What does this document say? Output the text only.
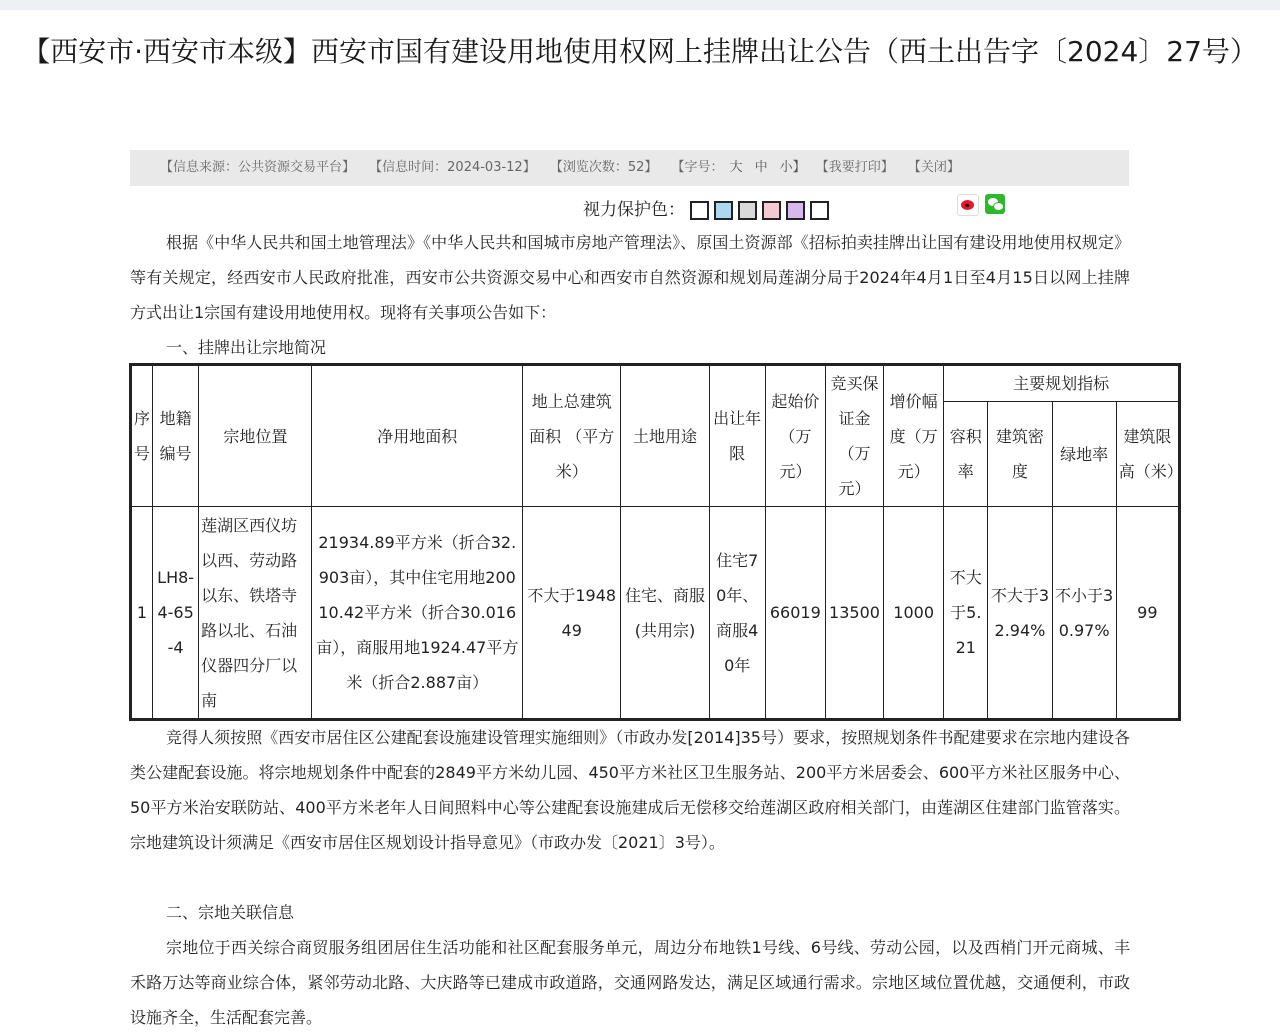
【西安市·西安市本级】西安市国有建设用地使用权网上挂牌出让公告（西土出告字〔2024〕27号）
【信息来源：公共资源交易平台】 【信息时间：2024-03-12】 【浏览次数：52】 【字号： 大 中 小】 【我要打印】 【关闭】
视力保护色：
根据《中华人民共和国土地管理法》《中华人民共和国城市房地产管理法》、原国土资源部《招标拍卖挂牌出让国有建设用地使用权规定》等有关规定，经西安市人民政府批准，西安市公共资源交易中心和西安市自然资源和规划局莲湖分局于2024年4月1日至4月15日以网上挂牌方式出让1宗国有建设用地使用权。现将有关事项公告如下：
一、挂牌出让宗地简况
序号	地籍编号	宗地位置	净用地面积	地上总建筑面积 （平方米）	土地用途	出让年限	起始价（万元）	竞买保证金（万元）	增价幅度（万元）	主要规划指标			
										容积率	建筑密度	绿地率	建筑限高（米）
1	LH8-4-65-4	莲湖区西仪坊以西、劳动路以东、铁塔寺路以北、石油仪器四分厂以南	21934.89平方米（折合32.903亩），其中住宅用地20010.42平方米（折合30.016亩），商服用地1924.47平方米（折合2.887亩）	不大于194849	住宅、商服(共用宗)	住宅70年、商服40年	66019	13500	1000	不大于5.21	不大于32.94%	不小于30.97%	99
竞得人须按照《西安市居住区公建配套设施建设管理实施细则》（市政办发[2014]35号）要求，按照规划条件书配建要求在宗地内建设各类公建配套设施。将宗地规划条件中配套的2849平方米幼儿园、450平方米社区卫生服务站、200平方米居委会、600平方米社区服务中心、50平方米治安联防站、400平方米老年人日间照料中心等公建配套设施建成后无偿移交给莲湖区政府相关部门，由莲湖区住建部门监管落实。宗地建筑设计须满足《西安市居住区规划设计指导意见》（市政办发〔2021〕3号）。
二、宗地关联信息
宗地位于西关综合商贸服务组团居住生活功能和社区配套服务单元，周边分布地铁1号线、6号线、劳动公园，以及西梢门开元商城、丰禾路万达等商业综合体，紧邻劳动北路、大庆路等已建成市政道路，交通网路发达，满足区域通行需求。宗地区域位置优越，交通便利，市政设施齐全，生活配套完善。
